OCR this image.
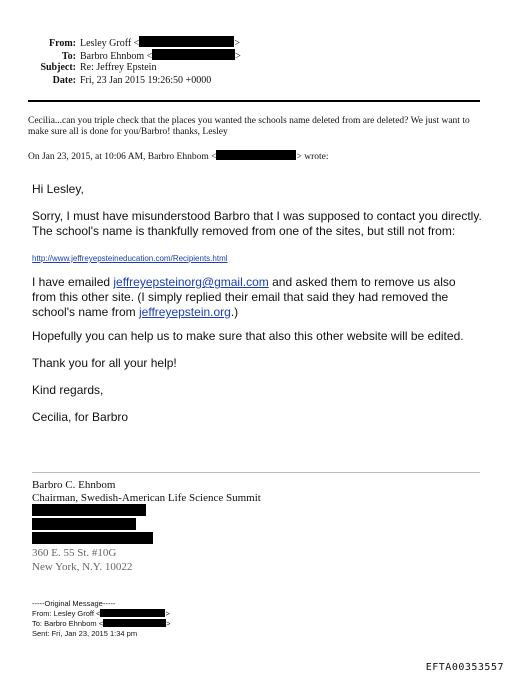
From: Lesley Groff <	>
To: Barbro Ehnbom <	>
Subject: Re: Jeffrey Epstein
Date: Fri, 23 Jan 2015 19:26:50 +0000
Cecilia...can you triple check that the places you wanted the schools name deleted from are deleted? We just want to make sure all is done for you/Barbro! thanks, Lesley
On Jan 23, 2015, at 10:06 AM, Barbro Ehnbom <	> wrote:
Hi Lesley,
Sorry, I must have misunderstood Barbro that I was supposed to contact you directly. The school's name is thankfully removed from one of the sites, but still not from:
http://www.jeffreyepsteineducation.com/Recipients.html
I have emailed jeffreyepsteinorg@gmail.com and asked them to remove us also from this other site. (I simply replied their email that said they had removed the school's name from jeffreyepstein.org.)
Hopefully you can help us to make sure that also this other website will be edited.
Thank you for all your help!
Kind regards,
Cecilia, for Barbro
Barbro C. Ehnbom
Chairman, Swedish-American Life Science Summit
360 E. 55 St. #10G
New York, N.Y. 10022
-----Original Message-----
From: Lesley Groff <	>
To: Barbro Ehnbom <	>
Sent: Fri, Jan 23, 2015 1:34 pm
EFTA00353557
